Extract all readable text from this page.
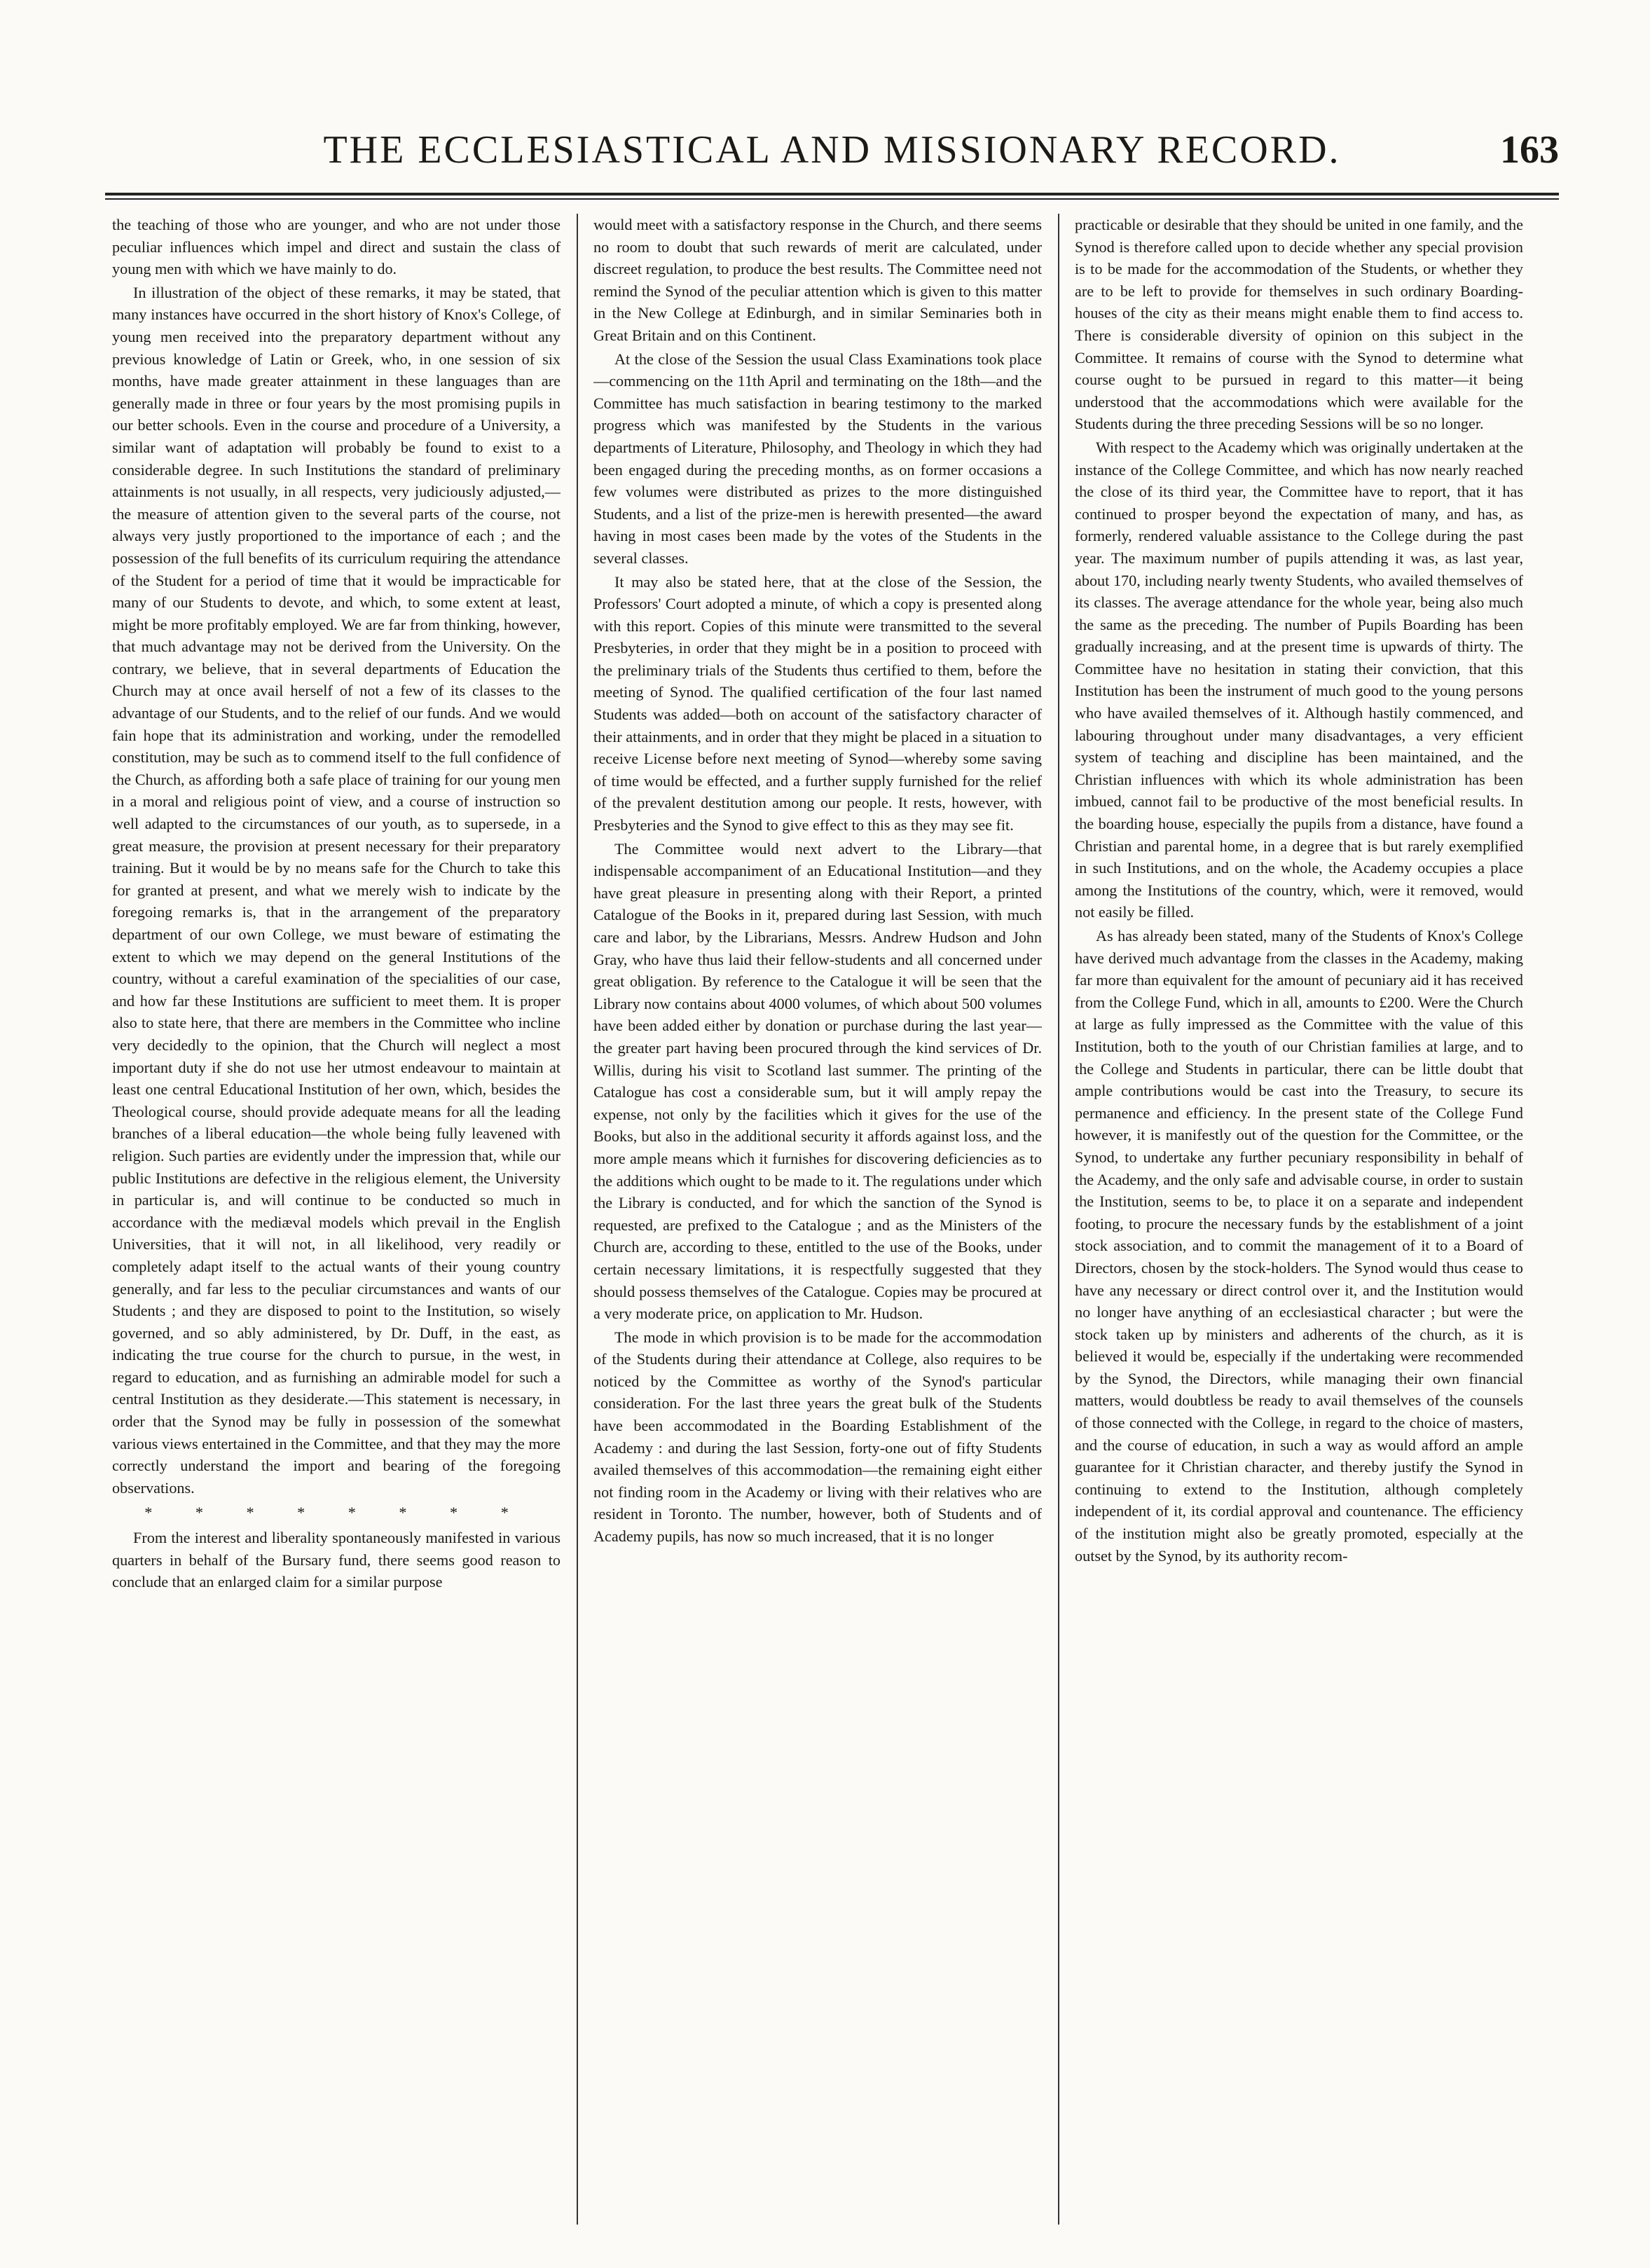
THE ECCLESIASTICAL AND MISSIONARY RECORD.	163

the teaching of those who are younger, and who are not under those peculiar influences which impel and direct and sustain the class of young men with which we have mainly to do.

In illustration of the object of these remarks, it may be stated, that many instances have occurred in the short history of Knox's College, of young men received into the preparatory department without any previous knowledge of Latin or Greek, who, in one session of six months, have made greater attainment in these languages than are generally made in three or four years by the most promising pupils in our better schools. Even in the course and procedure of a University, a similar want of adaptation will probably be found to exist to a considerable degree. In such Institutions the standard of preliminary attainments is not usually, in all respects, very judiciously adjusted,—the measure of attention given to the several parts of the course, not always very justly proportioned to the importance of each ; and the possession of the full benefits of its curriculum requiring the attendance of the Student for a period of time that it would be impracticable for many of our Students to devote, and which, to some extent at least, might be more profitably employed. We are far from thinking, however, that much advantage may not be derived from the University. On the contrary, we believe, that in several departments of Education the Church may at once avail herself of not a few of its classes to the advantage of our Students, and to the relief of our funds. And we would fain hope that its administration and working, under the remodelled constitution, may be such as to commend itself to the full confidence of the Church, as affording both a safe place of training for our young men in a moral and religious point of view, and a course of instruction so well adapted to the circumstances of our youth, as to supersede, in a great measure, the provision at present necessary for their preparatory training. But it would be by no means safe for the Church to take this for granted at present, and what we merely wish to indicate by the foregoing remarks is, that in the arrangement of the preparatory department of our own College, we must beware of estimating the extent to which we may depend on the general Institutions of the country, without a careful examination of the specialities of our case, and how far these Institutions are sufficient to meet them. It is proper also to state here, that there are members in the Committee who incline very decidedly to the opinion, that the Church will neglect a most important duty if she do not use her utmost endeavour to maintain at least one central Educational Institution of her own, which, besides the Theological course, should provide adequate means for all the leading branches of a liberal education—the whole being fully leavened with religion. Such parties are evidently under the impression that, while our public Institutions are defective in the religious element, the University in particular is, and will continue to be conducted so much in accordance with the mediæval models which prevail in the English Universities, that it will not, in all likelihood, very readily or completely adapt itself to the actual wants of their young country generally, and far less to the peculiar circumstances and wants of our Students ; and they are disposed to point to the Institution, so wisely governed, and so ably administered, by Dr. Duff, in the east, as indicating the true course for the church to pursue, in the west, in regard to education, and as furnishing an admirable model for such a central Institution as they desiderate.—This statement is necessary, in order that the Synod may be fully in possession of the somewhat various views entertained in the Committee, and that they may the more correctly understand the import and bearing of the foregoing observations.

* * * * * * * *

From the interest and liberality spontaneously manifested in various quarters in behalf of the Bursary fund, there seems good reason to conclude that an enlarged claim for a similar purpose

would meet with a satisfactory response in the Church, and there seems no room to doubt that such rewards of merit are calculated, under discreet regulation, to produce the best results. The Committee need not remind the Synod of the peculiar attention which is given to this matter in the New College at Edinburgh, and in similar Seminaries both in Great Britain and on this Continent.

At the close of the Session the usual Class Examinations took place—commencing on the 11th April and terminating on the 18th—and the Committee has much satisfaction in bearing testimony to the marked progress which was manifested by the Students in the various departments of Literature, Philosophy, and Theology in which they had been engaged during the preceding months, as on former occasions a few volumes were distributed as prizes to the more distinguished Students, and a list of the prize-men is herewith presented—the award having in most cases been made by the votes of the Students in the several classes.

It may also be stated here, that at the close of the Session, the Professors' Court adopted a minute, of which a copy is presented along with this report. Copies of this minute were transmitted to the several Presbyteries, in order that they might be in a position to proceed with the preliminary trials of the Students thus certified to them, before the meeting of Synod. The qualified certification of the four last named Students was added—both on account of the satisfactory character of their attainments, and in order that they might be placed in a situation to receive License before next meeting of Synod—whereby some saving of time would be effected, and a further supply furnished for the relief of the prevalent destitution among our people. It rests, however, with Presbyteries and the Synod to give effect to this as they may see fit.

The Committee would next advert to the Library—that indispensable accompaniment of an Educational Institution—and they have great pleasure in presenting along with their Report, a printed Catalogue of the Books in it, prepared during last Session, with much care and labor, by the Librarians, Messrs. Andrew Hudson and John Gray, who have thus laid their fellow-students and all concerned under great obligation. By reference to the Catalogue it will be seen that the Library now contains about 4000 volumes, of which about 500 volumes have been added either by donation or purchase during the last year—the greater part having been procured through the kind services of Dr. Willis, during his visit to Scotland last summer. The printing of the Catalogue has cost a considerable sum, but it will amply repay the expense, not only by the facilities which it gives for the use of the Books, but also in the additional security it affords against loss, and the more ample means which it furnishes for discovering deficiencies as to the additions which ought to be made to it. The regulations under which the Library is conducted, and for which the sanction of the Synod is requested, are prefixed to the Catalogue ; and as the Ministers of the Church are, according to these, entitled to the use of the Books, under certain necessary limitations, it is respectfully suggested that they should possess themselves of the Catalogue. Copies may be procured at a very moderate price, on application to Mr. Hudson.

The mode in which provision is to be made for the accommodation of the Students during their attendance at College, also requires to be noticed by the Committee as worthy of the Synod's particular consideration. For the last three years the great bulk of the Students have been accommodated in the Boarding Establishment of the Academy : and during the last Session, forty-one out of fifty Students availed themselves of this accommodation—the remaining eight either not finding room in the Academy or living with their relatives who are resident in Toronto. The number, however, both of Students and of Academy pupils, has now so much increased, that it is no longer

practicable or desirable that they should be united in one family, and the Synod is therefore called upon to decide whether any special provision is to be made for the accommodation of the Students, or whether they are to be left to provide for themselves in such ordinary Boarding-houses of the city as their means might enable them to find access to. There is considerable diversity of opinion on this subject in the Committee. It remains of course with the Synod to determine what course ought to be pursued in regard to this matter—it being understood that the accommodations which were available for the Students during the three preceding Sessions will be so no longer.

With respect to the Academy which was originally undertaken at the instance of the College Committee, and which has now nearly reached the close of its third year, the Committee have to report, that it has continued to prosper beyond the expectation of many, and has, as formerly, rendered valuable assistance to the College during the past year. The maximum number of pupils attending it was, as last year, about 170, including nearly twenty Students, who availed themselves of its classes. The average attendance for the whole year, being also much the same as the preceding. The number of Pupils Boarding has been gradually increasing, and at the present time is upwards of thirty. The Committee have no hesitation in stating their conviction, that this Institution has been the instrument of much good to the young persons who have availed themselves of it. Although hastily commenced, and labouring throughout under many disadvantages, a very efficient system of teaching and discipline has been maintained, and the Christian influences with which its whole administration has been imbued, cannot fail to be productive of the most beneficial results. In the boarding house, especially the pupils from a distance, have found a Christian and parental home, in a degree that is but rarely exemplified in such Institutions, and on the whole, the Academy occupies a place among the Institutions of the country, which, were it removed, would not easily be filled.

As has already been stated, many of the Students of Knox's College have derived much advantage from the classes in the Academy, making far more than equivalent for the amount of pecuniary aid it has received from the College Fund, which in all, amounts to £200. Were the Church at large as fully impressed as the Committee with the value of this Institution, both to the youth of our Christian families at large, and to the College and Students in particular, there can be little doubt that ample contributions would be cast into the Treasury, to secure its permanence and efficiency. In the present state of the College Fund however, it is manifestly out of the question for the Committee, or the Synod, to undertake any further pecuniary responsibility in behalf of the Academy, and the only safe and advisable course, in order to sustain the Institution, seems to be, to place it on a separate and independent footing, to procure the necessary funds by the establishment of a joint stock association, and to commit the management of it to a Board of Directors, chosen by the stock-holders. The Synod would thus cease to have any necessary or direct control over it, and the Institution would no longer have anything of an ecclesiastical character ; but were the stock taken up by ministers and adherents of the church, as it is believed it would be, especially if the undertaking were recommended by the Synod, the Directors, while managing their own financial matters, would doubtless be ready to avail themselves of the counsels of those connected with the College, in regard to the choice of masters, and the course of education, in such a way as would afford an ample guarantee for it Christian character, and thereby justify the Synod in continuing to extend to the Institution, although completely independent of it, its cordial approval and countenance. The efficiency of the institution might also be greatly promoted, especially at the outset by the Synod, by its authority recom-
